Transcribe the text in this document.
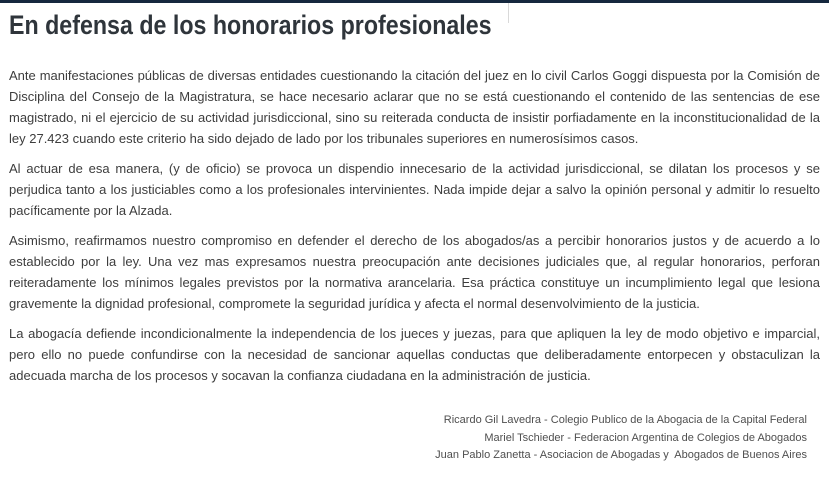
En defensa de los honorarios profesionales

Ante manifestaciones públicas de diversas entidades cuestionando la citación del juez en lo civil Carlos Goggi dispuesta por la Comisión de Disciplina del Consejo de la Magistratura, se hace necesario aclarar que no se está cuestionando el contenido de las sentencias de ese magistrado, ni el ejercicio de su actividad jurisdiccional, sino su reiterada conducta de insistir porfiadamente en la inconstitucionalidad de la ley 27.423 cuando este criterio ha sido dejado de lado por los tribunales superiores en numerosísimos casos.

Al actuar de esa manera, (y de oficio) se provoca un dispendio innecesario de la actividad jurisdiccional, se dilatan los procesos y se perjudica tanto a los justiciables como a los profesionales intervinientes. Nada impide dejar a salvo la opinión personal y admitir lo resuelto pacíficamente por la Alzada.

Asimismo, reafirmamos nuestro compromiso en defender el derecho de los abogados/as a percibir honorarios justos y de acuerdo a lo establecido por la ley. Una vez mas expresamos nuestra preocupación ante decisiones judiciales que, al regular honorarios, perforan reiteradamente los mínimos legales previstos por la normativa arancelaria. Esa práctica constituye un incumplimiento legal que lesiona gravemente la dignidad profesional, compromete la seguridad jurídica y afecta el normal desenvolvimiento de la justicia.

La abogacía defiende incondicionalmente la independencia de los jueces y juezas, para que apliquen la ley de modo objetivo e imparcial, pero ello no puede confundirse con la necesidad de sancionar aquellas conductas que deliberadamente entorpecen y obstaculizan la adecuada marcha de los procesos y socavan la confianza ciudadana en la administración de justicia.

Ricardo Gil Lavedra - Colegio Publico de la Abogacia de la Capital Federal
Mariel Tschieder - Federacion Argentina de Colegios de Abogados
Juan Pablo Zanetta - Asociacion de Abogadas y  Abogados de Buenos Aires
